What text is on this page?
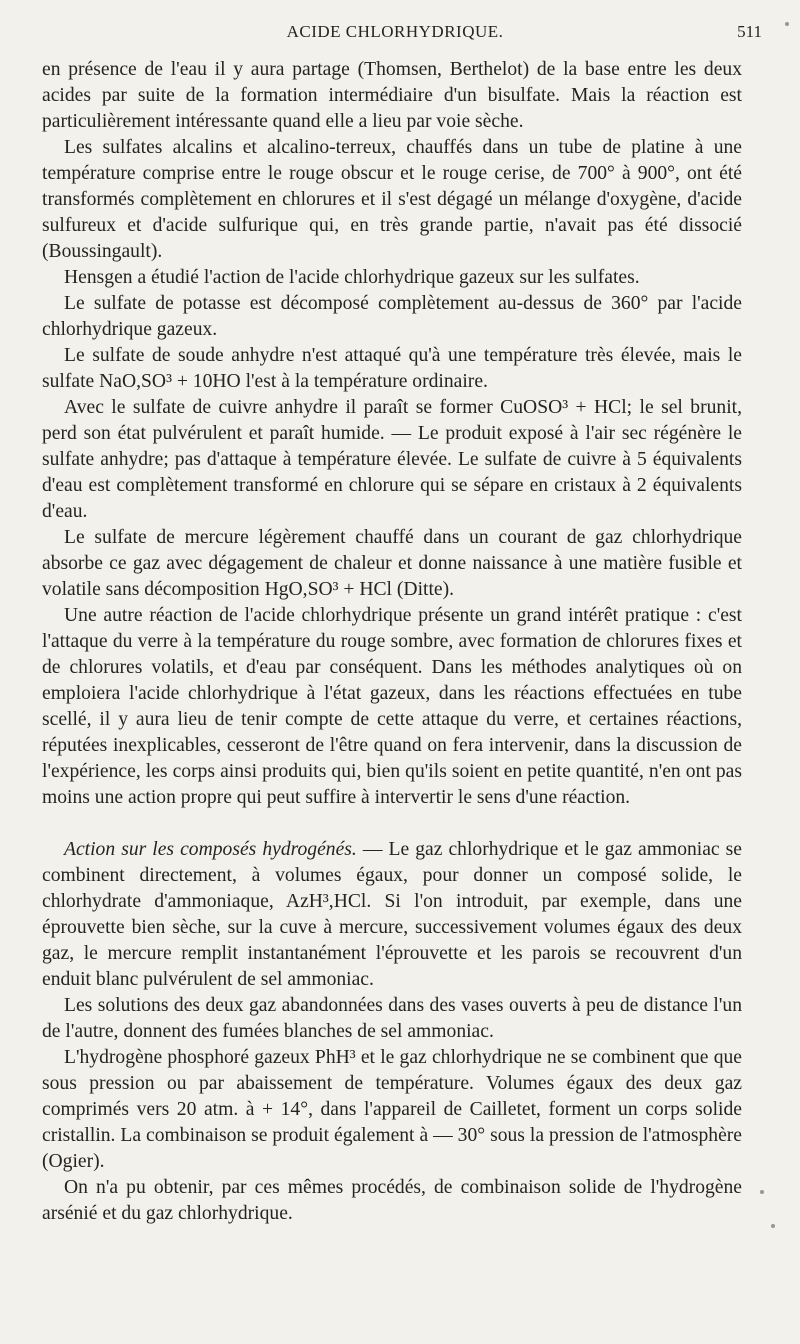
ACIDE CHLORHYDRIQUE.	511

en présence de l'eau il y aura partage (Thomsen, Berthelot) de la base entre les deux acides par suite de la formation intermédiaire d'un bisulfate. Mais la réaction est particulièrement intéressante quand elle a lieu par voie sèche.

Les sulfates alcalins et alcalino-terreux, chauffés dans un tube de platine à une température comprise entre le rouge obscur et le rouge cerise, de 700° à 900°, ont été transformés complètement en chlorures et il s'est dégagé un mélange d'oxygène, d'acide sulfureux et d'acide sulfurique qui, en très grande partie, n'avait pas été dissocié (Boussingault).

Hensgen a étudié l'action de l'acide chlorhydrique gazeux sur les sulfates.

Le sulfate de potasse est décomposé complètement au-dessus de 360° par l'acide chlorhydrique gazeux.

Le sulfate de soude anhydre n'est attaqué qu'à une température très élevée, mais le sulfate NaO,SO³ + 10HO l'est à la température ordinaire.

Avec le sulfate de cuivre anhydre il paraît se former CuOSO³ + HCl; le sel brunit, perd son état pulvérulent et paraît humide. — Le produit exposé à l'air sec régénère le sulfate anhydre; pas d'attaque à température élevée. Le sulfate de cuivre à 5 équivalents d'eau est complètement transformé en chlorure qui se sépare en cristaux à 2 équivalents d'eau.

Le sulfate de mercure légèrement chauffé dans un courant de gaz chlorhydrique absorbe ce gaz avec dégagement de chaleur et donne naissance à une matière fusible et volatile sans décomposition HgO,SO³ + HCl (Ditte).

Une autre réaction de l'acide chlorhydrique présente un grand intérêt pratique : c'est l'attaque du verre à la température du rouge sombre, avec formation de chlorures fixes et de chlorures volatils, et d'eau par conséquent. Dans les méthodes analytiques où on emploiera l'acide chlorhydrique à l'état gazeux, dans les réactions effectuées en tube scellé, il y aura lieu de tenir compte de cette attaque du verre, et certaines réactions, réputées inexplicables, cesseront de l'être quand on fera intervenir, dans la discussion de l'expérience, les corps ainsi produits qui, bien qu'ils soient en petite quantité, n'en ont pas moins une action propre qui peut suffire à intervertir le sens d'une réaction.

Action sur les composés hydrogénés. — Le gaz chlorhydrique et le gaz ammoniac se combinent directement, à volumes égaux, pour donner un composé solide, le chlorhydrate d'ammoniaque, AzH³,HCl. Si l'on introduit, par exemple, dans une éprouvette bien sèche, sur la cuve à mercure, successivement volumes égaux des deux gaz, le mercure remplit instantanément l'éprouvette et les parois se recouvrent d'un enduit blanc pulvérulent de sel ammoniac.

Les solutions des deux gaz abandonnées dans des vases ouverts à peu de distance l'un de l'autre, donnent des fumées blanches de sel ammoniac.

L'hydrogène phosphoré gazeux PhH³ et le gaz chlorhydrique ne se combinent que que sous pression ou par abaissement de température. Volumes égaux des deux gaz comprimés vers 20 atm. à + 14°, dans l'appareil de Cailletet, forment un corps solide cristallin. La combinaison se produit également à — 30° sous la pression de l'atmosphère (Ogier).

On n'a pu obtenir, par ces mêmes procédés, de combinaison solide de l'hydrogène arsénié et du gaz chlorhydrique.
